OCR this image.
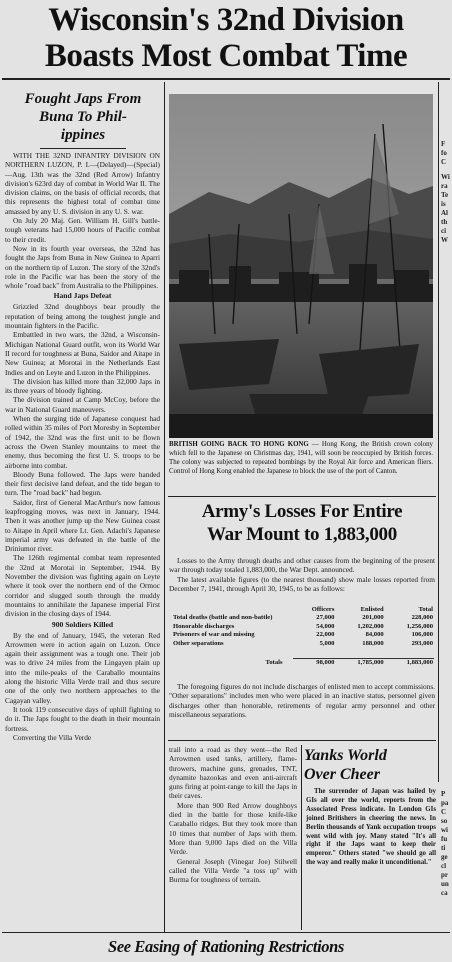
Wisconsin's 32nd Division
Boasts Most Combat Time
Fought Japs From
Buna To Phil-
ippines

WITH THE 32ND INFANTRY DIVISION ON NORTHERN LUZON, P. I.—(Delayed)—(Special) —Aug. 13th was the 32nd (Red Arrow) Infantry division's 623rd day of combat in World War II. The division claims, on the basis of official records, that this represents the highest total of combat time amassed by any U. S. division in any U. S. war.

On July 20 Maj. Gen. William H. Gill's battle-tough veterans had 15,000 hours of Pacific combat to their credit.

Now in its fourth year overseas, the 32nd has fought the Japs from Buna in New Guinea to Aparri on the northern tip of Luzon. The story of the 32nd's role in the Pacific war has been the story of the whole "road back" from Australia to the Philippines.

Hand Japs Defeat

Grizzled 32nd doughboys bear proudly the reputation of being among the toughest jungle and mountain fighters in the Pacific.

Embattled in two wars, the 32nd, a Wisconsin-Michigan National Guard outfit, won its World War II record for toughness at Buna, Saidor and Aitape in New Guinea; at Morotai in the Netherlands East Indies and on Leyte and Luzon in the Philippines.

The division has killed more than 32,000 Japs in its three years of bloody fighting.

The division trained at Camp McCoy, before the war in National Guard maneuvers.

When the surging tide of Japanese conquest had rolled within 35 miles of Port Moresby in September of 1942, the 32nd was the first unit to be flown across the Owen Stanley mountains to meet the enemy, thus becoming the first U. S. troops to be airborne into combat.

Bloody Buna followed. The Japs were handed their first decisive land defeat, and the tide began to turn. The "road back" had begun.

Saidor, first of General MacArthur's now famous leapfrogging moves, was next in January, 1944. Then it was another jump up the New Guinea coast to Aitape in April where Lt. Gen. Adachi's Japanese imperial army was defeated in the battle of the Driniumor river.

The 126th regimental combat team represented the 32nd at Morotai in September, 1944. By November the division was fighting again on Leyte where it took over the northern end of the Ormoc corridor and slugged south through the muddy mountains to annihilate the Japanese imperial First division in the closing days of 1944.

900 Soldiers Killed

By the end of January, 1945, the veteran Red Arrowmen were in action again on Luzon. Once again their assignment was a tough one. Their job was to drive 24 miles from the Lingayen plain up into the mile-peaks of the Caraballo mountains along the historic Villa Verde trail and thus secure one of the only two northern approaches to the Cagayan valley.

It took 119 consecutive days of uphill fighting to do it. The Japs fought to the death in their mountain fortress.

Converting the Villa Verde

BRITISH GOING BACK TO HONG KONG — Hong Kong, the British crown colony which fell to the Japanese on Christmas day, 1941, will soon be reoccupied by British forces. The colony was subjected to repeated bombings by the Royal Air force and American fliers. Control of Hong Kong enabled the Japanese to block the use of the port of Canton.
Army's Losses For Entire
War Mount to 1,883,000

Losses to the Army through deaths and other causes from the beginning of the present war through today totaled 1,883,000, the War Dept. announced.

The latest available figures (to the nearest thousand) show male losses reported from December 7, 1941, through April 30, 1945, to be as follows:

	Officers	Enlisted	Total
Total deaths (battle and non-battle)	27,000	201,000	228,000
Honorable discharges	54,000	1,202,000	1,256,000
Prisoners of war and missing	22,000	84,000	106,000
Other separations	5,000	188,000	293,000

Totals	98,000	1,785,000	1,883,000

The foregoing figures do not include discharges of enlisted men to accept commissions. "Other separations" includes men who were placed in an inactive status, personnel given discharges other than honorable, retirements of regular army personnel and other miscellaneous separations.

trail into a road as they went—the Red Arrowmen used tanks, artillery, flame-throwers, machine guns, grenades, TNT, dynamite bazookas and even anti-aircraft guns firing at point-range to kill the Japs in their caves.

More than 900 Red Arrow doughboys died in the battle for those knife-like Caraballo ridges. But they took more than 10 times that number of Japs with them. More than 9,000 Japs died on the Villa Verde.

General Joseph (Vinegar Joe) Stilwell called the Villa Verde "a toss up" with Burma for toughness of terrain.

Yanks World
Over Cheer

The surrender of Japan was hailed by GIs all over the world, reports from the Associated Press indicate. In London GIs joined Britishers in cheering the news. In Berlin thousands of Yank occupation troops went wild with joy. Many stated "It's all right if the Japs want to keep their emperor." Others stated "we should go all the way and really make it unconditional."

F
fo
C
Wi
ra
Te
is
Al
th
ci
W
P
pa
C
so
wi
fu
ti
ge
cl
pr
un
ca
See Easing of Rationing Restrictions
